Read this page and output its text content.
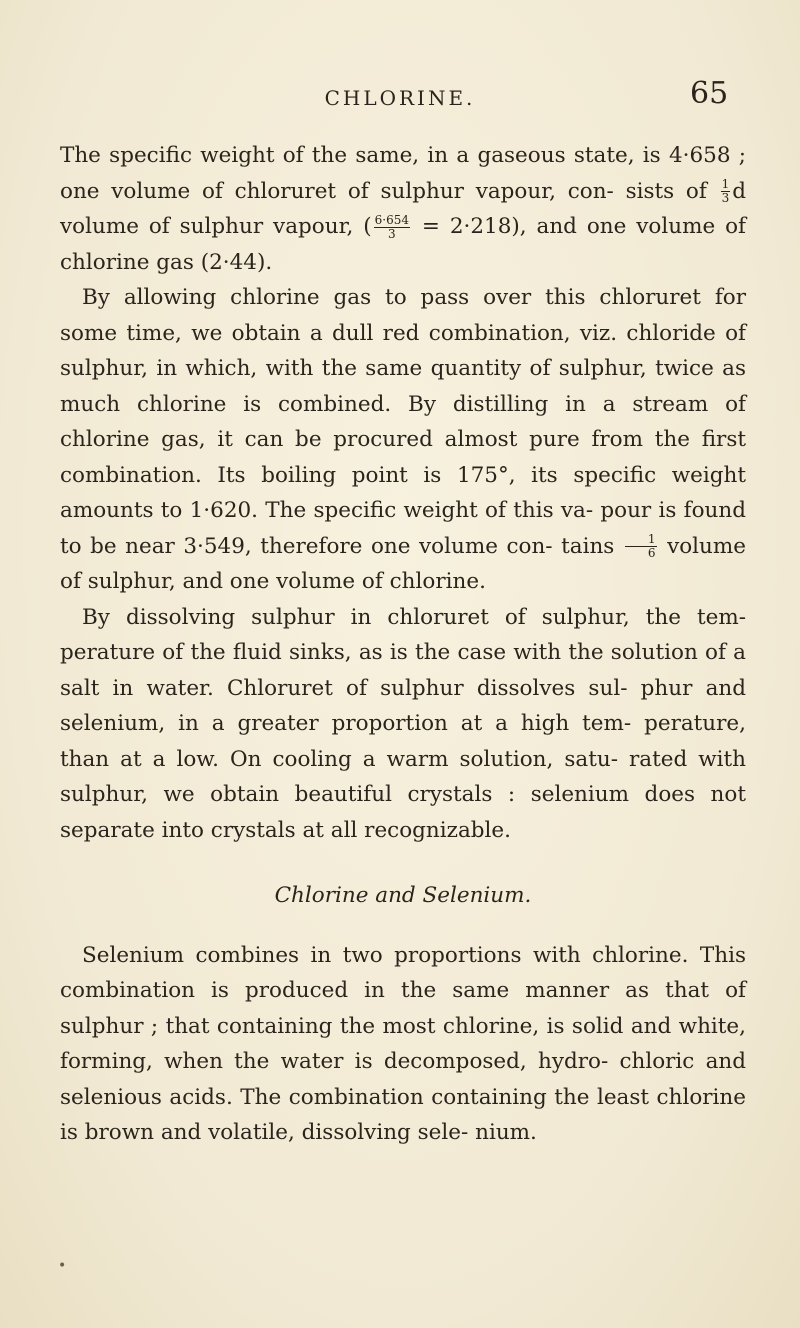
CHLORINE.	65

The specific weight of the same, in a gaseous state, is 4·658 ; one volume of chloruret of sulphur vapour, con- sists of $\frac{1}{3}$ d volume of sulphur vapour, ( $\frac{6\cdot 654}{3} = 2\cdot 218$), and one volume of chlorine gas (2·44).

By allowing chlorine gas to pass over this chloruret for some time, we obtain a dull red combination, viz. chloride of sulphur, in which, with the same quantity of sulphur, twice as much chlorine is combined. By distilling in a stream of chlorine gas, it can be procured almost pure from the first combination. Its boiling point is 175°, its specific weight amounts to 1·620. The specific weight of this va- pour is found to be near 3·549, therefore one volume con- tains $\frac{1}{6}$ volume of sulphur, and one volume of chlorine.

By dissolving sulphur in chloruret of sulphur, the tem- perature of the fluid sinks, as is the case with the solution of a salt in water. Chloruret of sulphur dissolves sul- phur and selenium, in a greater proportion at a high tem- perature, than at a low. On cooling a warm solution, satu- rated with sulphur, we obtain beautiful crystals : selenium does not separate into crystals at all recognizable.

Chlorine and Selenium.

Selenium combines in two proportions with chlorine. This combination is produced in the same manner as that of sulphur ; that containing the most chlorine, is solid and white, forming, when the water is decomposed, hydro- chloric and selenious acids. The combination containing the least chlorine is brown and volatile, dissolving sele- nium.

•
